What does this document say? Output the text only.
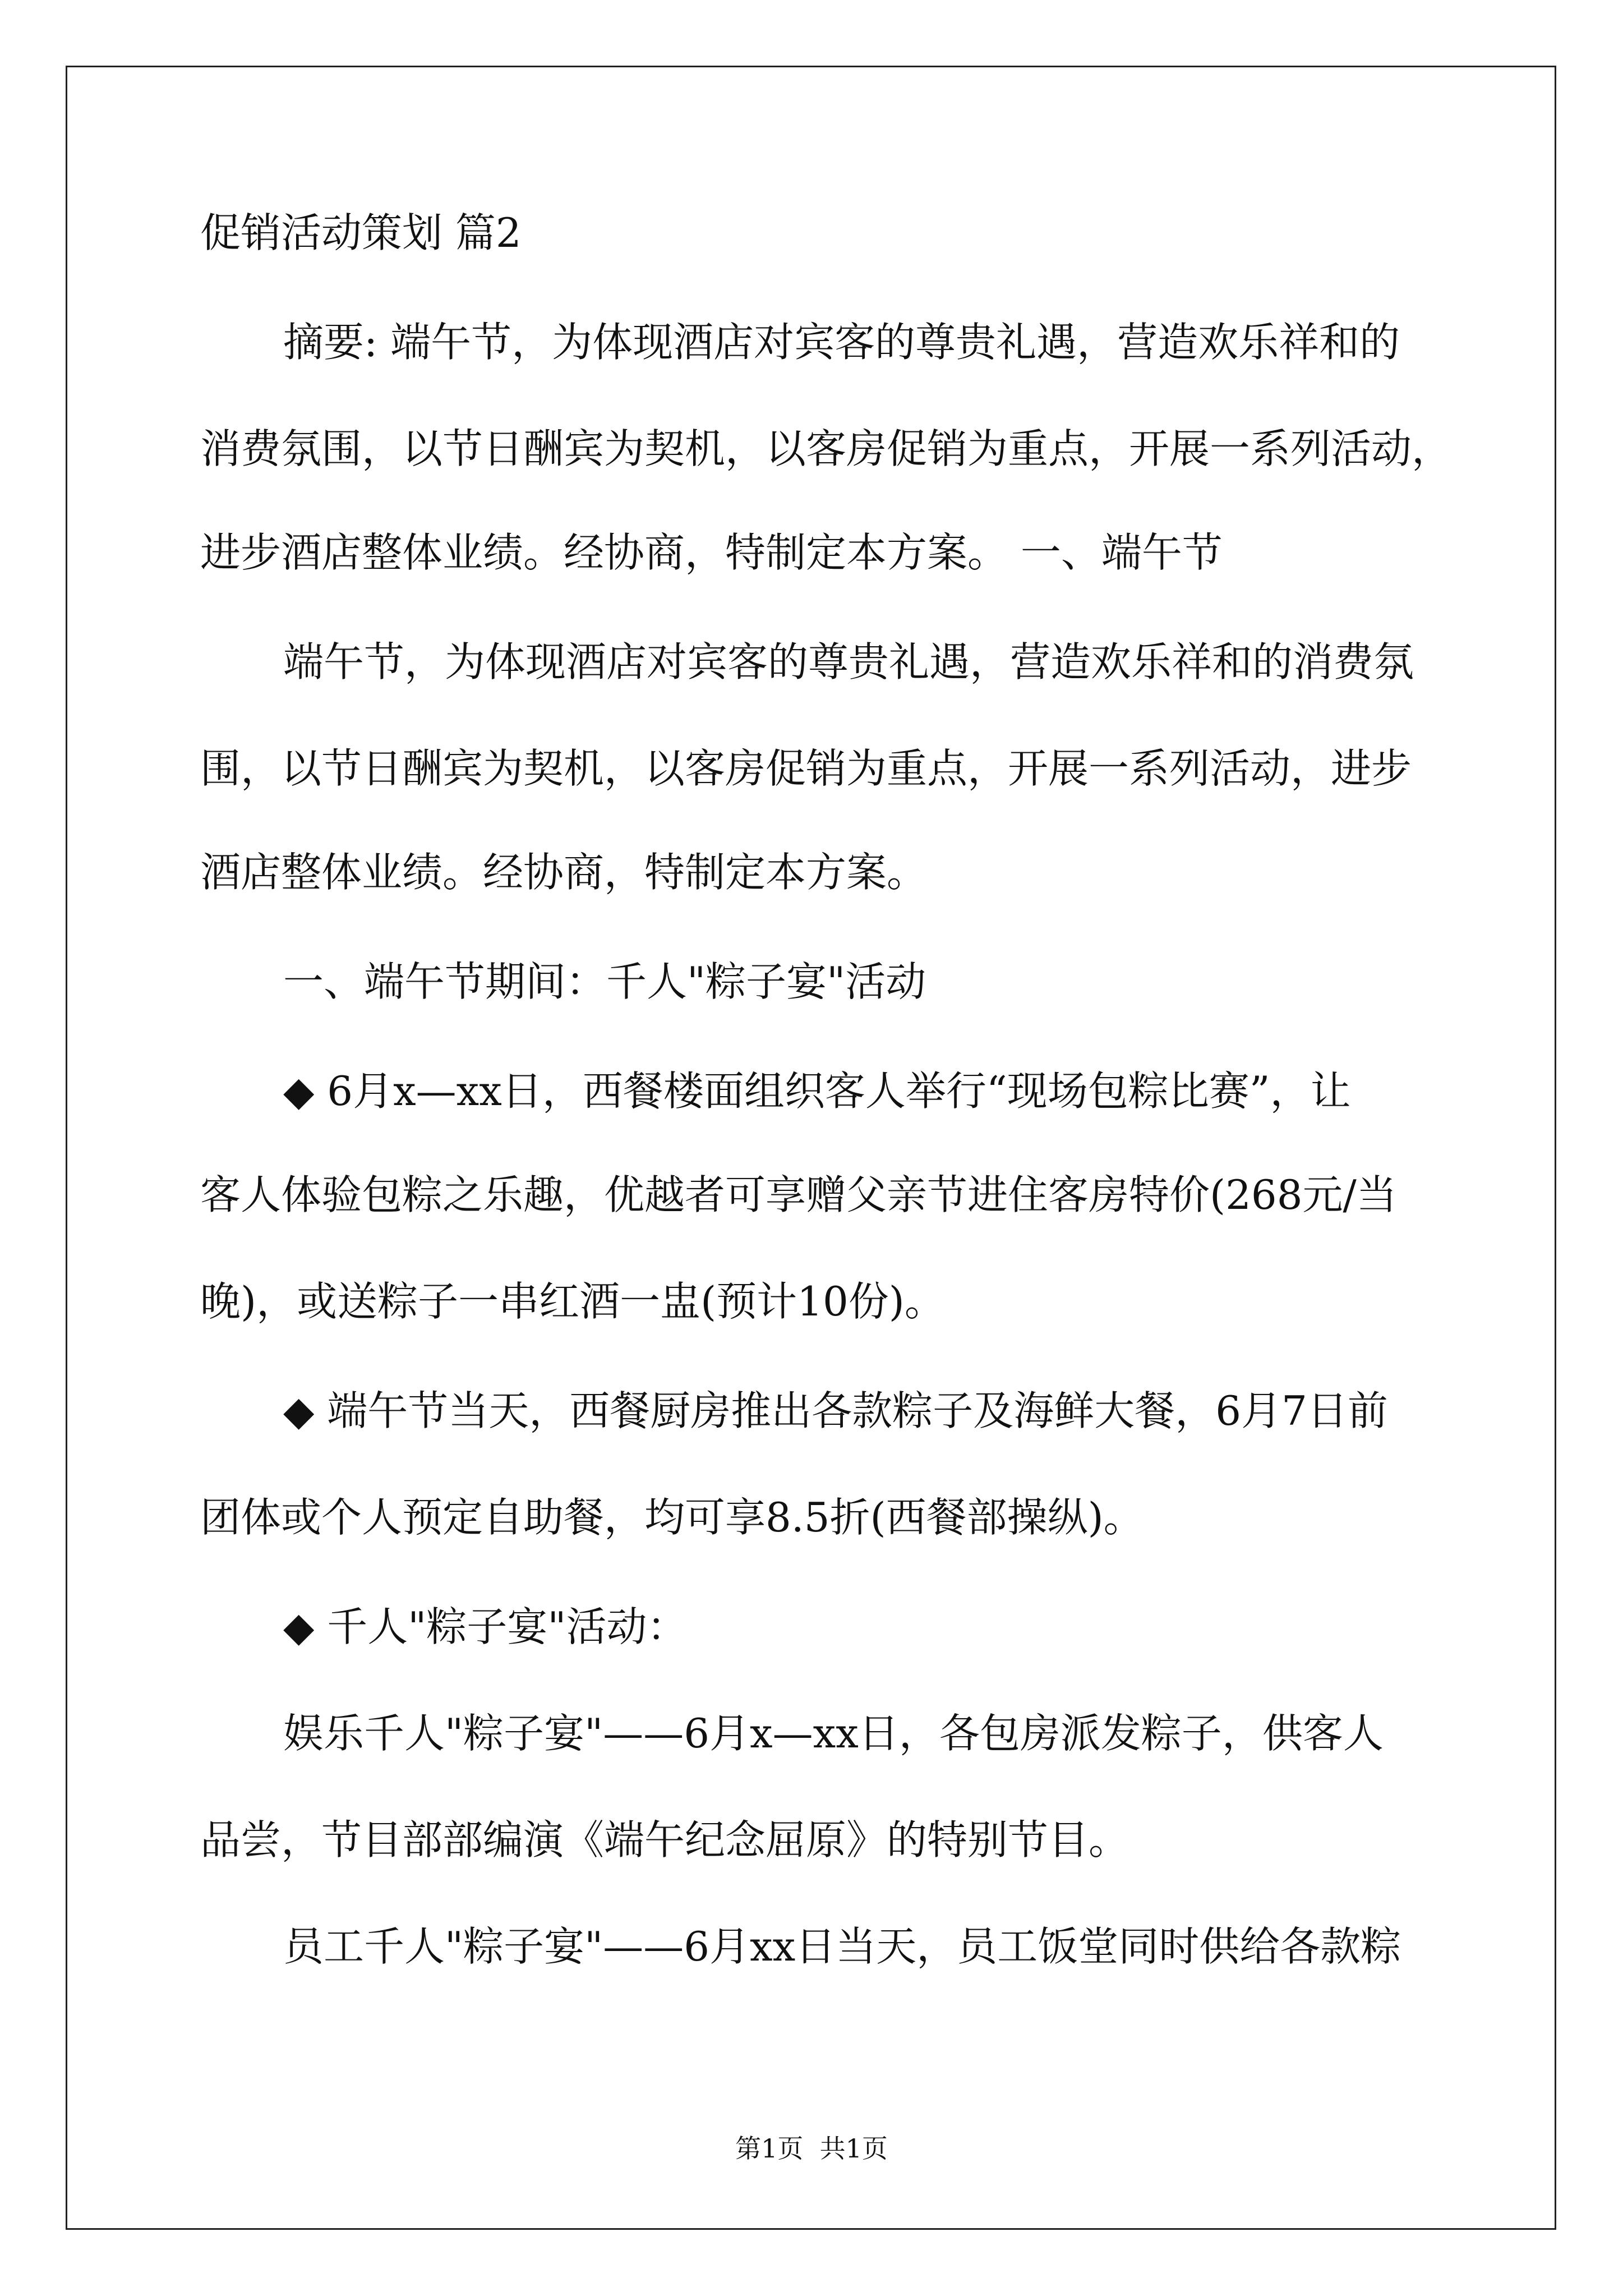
促销活动策划 篇2
摘要: 端午节，为体现酒店对宾客的尊贵礼遇，营造欢乐祥和的
消费氛围，以节日酬宾为契机，以客房促销为重点，开展一系列活动，
进步酒店整体业绩。经协商，特制定本方案。 一、端午节
端午节，为体现酒店对宾客的尊贵礼遇，营造欢乐祥和的消费氛
围，以节日酬宾为契机，以客房促销为重点，开展一系列活动，进步
酒店整体业绩。经协商，特制定本方案。
一、端午节期间：千人"粽子宴"活动
◆ 6月x—xx日，西餐楼面组织客人举行“现场包粽比赛”，让
客人体验包粽之乐趣，优越者可享赠父亲节进住客房特价(268元/当
晚)，或送粽子一串红酒一盅(预计10份)。
◆ 端午节当天，西餐厨房推出各款粽子及海鲜大餐，6月7日前
团体或个人预定自助餐，均可享8.5折(西餐部操纵)。
◆ 千人"粽子宴"活动：
娱乐千人"粽子宴"——6月x—xx日，各包房派发粽子，供客人
品尝，节目部部编演《端午纪念屈原》的特别节目。
员工千人"粽子宴"——6月xx日当天，员工饭堂同时供给各款粽
第1页  共1页
